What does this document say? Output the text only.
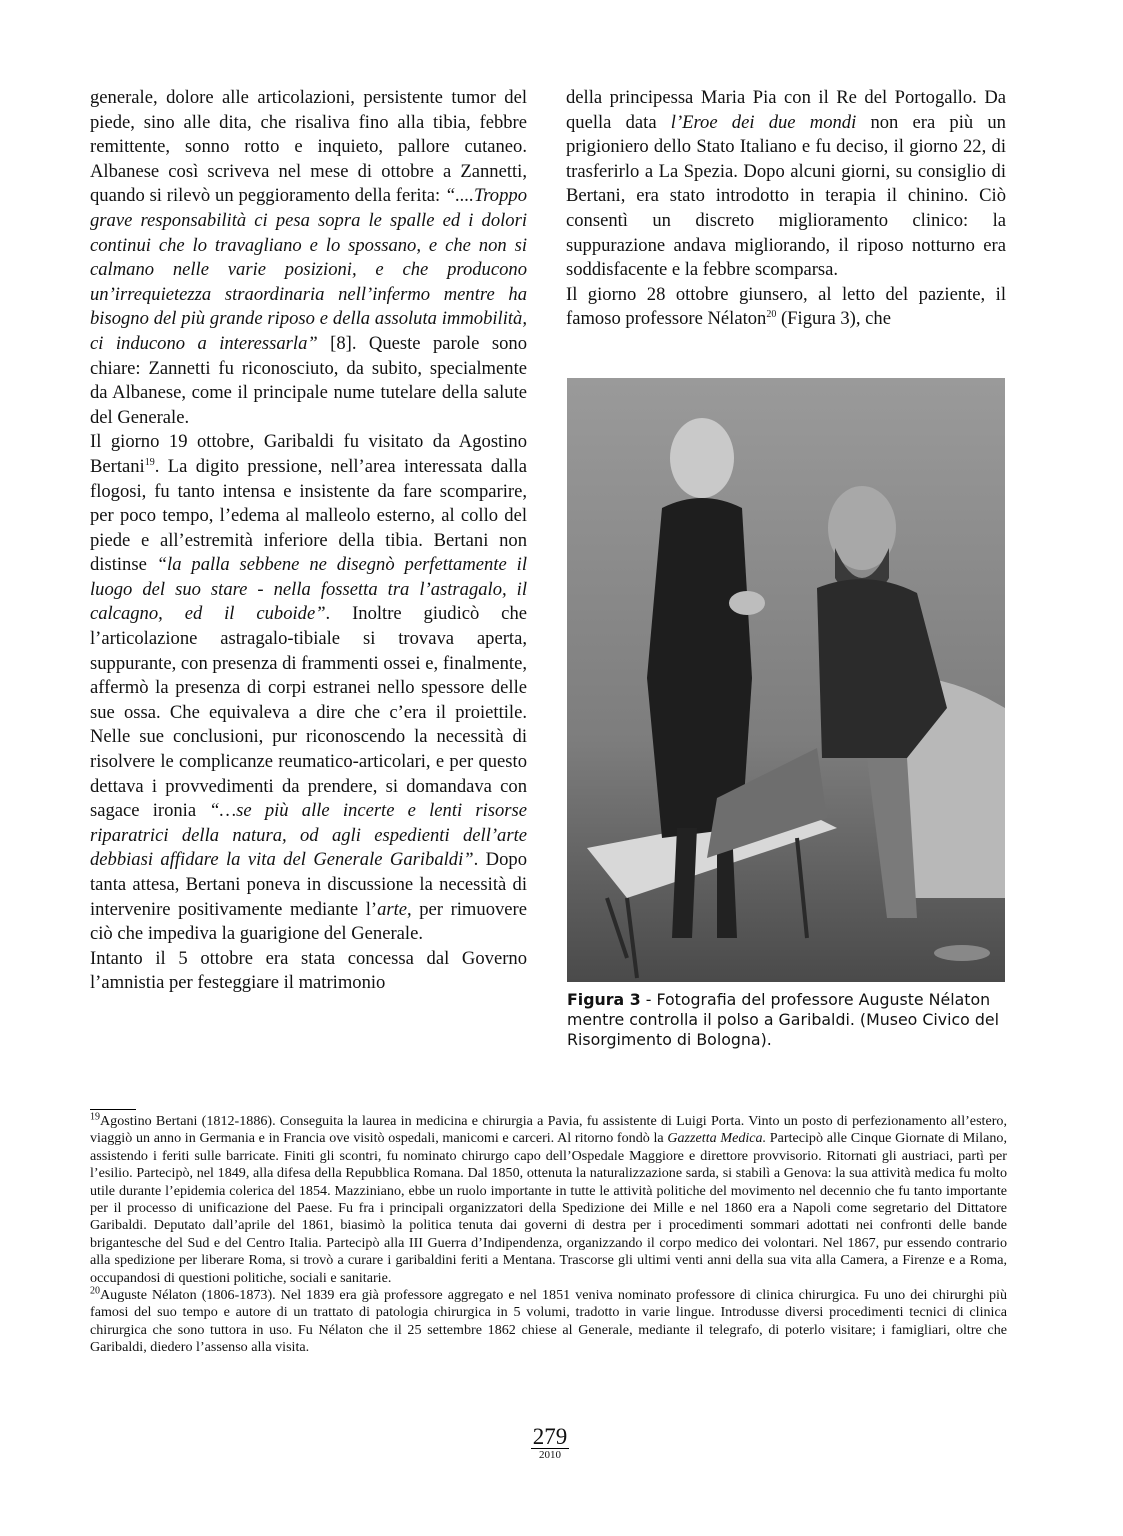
generale, dolore alle articolazioni, persistente tumor del piede, sino alle dita, che risaliva fino alla tibia, febbre remittente, sonno rotto e inquieto, pallore cutaneo. Albanese così scriveva nel mese di ottobre a Zannetti, quando si rilevò un peggioramento della ferita: “....Troppo grave responsabilità ci pesa sopra le spalle ed i dolori continui che lo travagliano e lo spossano, e che non si calmano nelle varie posizioni, e che producono un’irrequietezza straordinaria nell’infermo mentre ha bisogno del più grande riposo e della assoluta immobilità, ci inducono a interessarla” [8]. Queste parole sono chiare: Zannetti fu riconosciuto, da subito, specialmente da Albanese, come il principale nume tutelare della salute del Generale.

Il giorno 19 ottobre, Garibaldi fu visitato da Agostino Bertani$^{19}$. La digito pressione, nell’area interessata dalla flogosi, fu tanto intensa e insistente da fare scomparire, per poco tempo, l’edema al malleolo esterno, al collo del piede e all’estremità inferiore della tibia. Bertani non distinse “la palla sebbene ne disegnò perfettamente il luogo del suo stare - nella fossetta tra l’astragalo, il calcagno, ed il cuboide”. Inoltre giudicò che l’articolazione astragalo-tibiale si trovava aperta, suppurante, con presenza di frammenti ossei e, finalmente, affermò la presenza di corpi estranei nello spessore delle sue ossa. Che equivaleva a dire che c’era il proiettile. Nelle sue conclusioni, pur riconoscendo la necessità di risolvere le complicanze reumatico-articolari, e per questo dettava i provvedimenti da prendere, si domandava con sagace ironia “…se più alle incerte e lenti risorse riparatrici della natura, od agli espedienti dell’arte debbiasi affidare la vita del Generale Garibaldi”. Dopo tanta attesa, Bertani poneva in discussione la necessità di intervenire positivamente mediante l’arte, per rimuovere ciò che impediva la guarigione del Generale.

Intanto il 5 ottobre era stata concessa dal Governo l’amnistia per festeggiare il matrimonio

della principessa Maria Pia con il Re del Portogallo. Da quella data l’Eroe dei due mondi non era più un prigioniero dello Stato Italiano e fu deciso, il giorno 22, di trasferirlo a La Spezia. Dopo alcuni giorni, su consiglio di Bertani, era stato introdotto in terapia il chinino. Ciò consentì un discreto miglioramento clinico: la suppurazione andava migliorando, il riposo notturno era soddisfacente e la febbre scomparsa.

Il giorno 28 ottobre giunsero, al letto del paziente, il famoso professore Nélaton$^{20}$ (Figura 3), che

Figura 3 - Fotografia del professore Auguste Nélaton mentre controlla il polso a Garibaldi. (Museo Civico del Risorgimento di Bologna).

$^{19}$Agostino Bertani (1812-1886). Conseguita la laurea in medicina e chirurgia a Pavia, fu assistente di Luigi Porta. Vinto un posto di perfezionamento all’estero, viaggiò un anno in Germania e in Francia ove visitò ospedali, manicomi e carceri. Al ritorno fondò la Gazzetta Medica. Partecipò alle Cinque Giornate di Milano, assistendo i feriti sulle barricate. Finiti gli scontri, fu nominato chirurgo capo dell’Ospedale Maggiore e direttore provvisorio. Ritornati gli austriaci, partì per l’esilio. Partecipò, nel 1849, alla difesa della Repubblica Romana. Dal 1850, ottenuta la naturalizzazione sarda, si stabilì a Genova: la sua attività medica fu molto utile durante l’epidemia colerica del 1854. Mazziniano, ebbe un ruolo importante in tutte le attività politiche del movimento nel decennio che fu tanto importante per il processo di unificazione del Paese. Fu fra i principali organizzatori della Spedizione dei Mille e nel 1860 era a Napoli come segretario del Dittatore Garibaldi. Deputato dall’aprile del 1861, biasimò la politica tenuta dai governi di destra per i procedimenti sommari adottati nei confronti delle bande brigantesche del Sud e del Centro Italia. Partecipò alla III Guerra d’Indipendenza, organizzando il corpo medico dei volontari. Nel 1867, pur essendo contrario alla spedizione per liberare Roma, si trovò a curare i garibaldini feriti a Mentana. Trascorse gli ultimi venti anni della sua vita alla Camera, a Firenze e a Roma, occupandosi di questioni politiche, sociali e sanitarie.

$^{20}$Auguste Nélaton (1806-1873). Nel 1839 era già professore aggregato e nel 1851 veniva nominato professore di clinica chirurgica. Fu uno dei chirurghi più famosi del suo tempo e autore di un trattato di patologia chirurgica in 5 volumi, tradotto in varie lingue. Introdusse diversi procedimenti tecnici di clinica chirurgica che sono tuttora in uso. Fu Nélaton che il 25 settembre 1862 chiese al Generale, mediante il telegrafo, di poterlo visitare; i famigliari, oltre che Garibaldi, diedero l’assenso alla visita.

279
2010
